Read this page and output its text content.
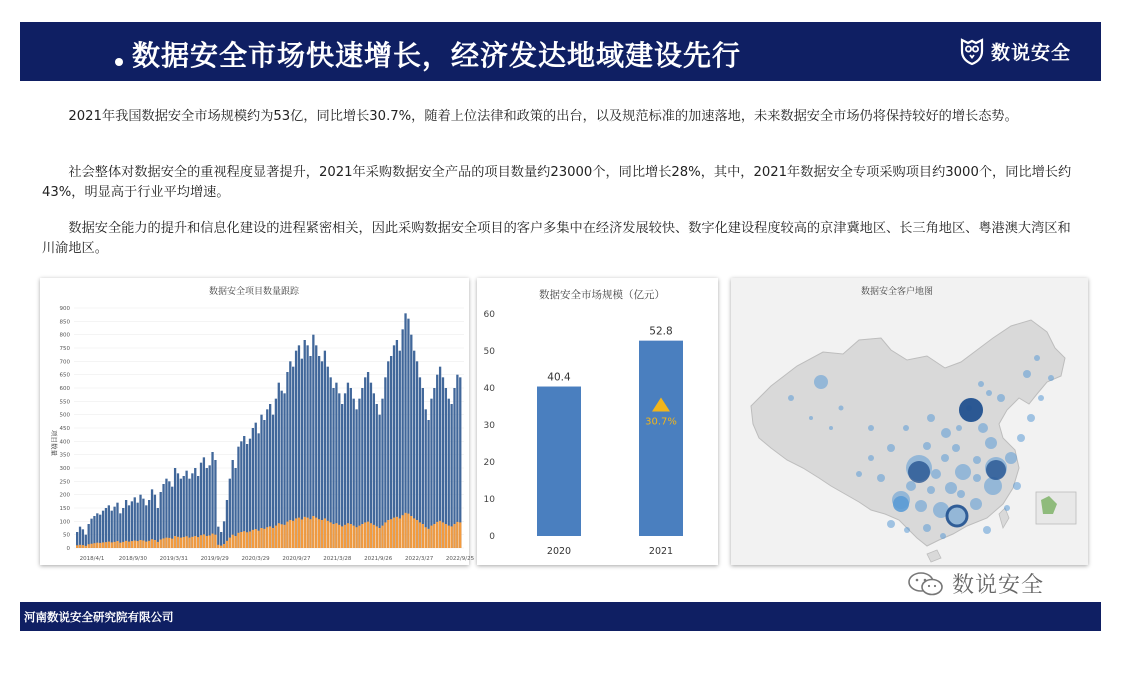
数据安全市场快速增长，经济发达地域建设先行	数说安全
2021年我国数据安全市场规模约为53亿，同比增长30.7%，随着上位法律和政策的出台，以及规范标准的加速落地，未来数据安全市场仍将保持较好的增长态势。
社会整体对数据安全的重视程度显著提升，2021年采购数据安全产品的项目数量约23000个，同比增长28%，其中，2021年数据安全专项采购项目约3000个，同比增长约43%，明显高于行业平均增速。
数据安全能力的提升和信息化建设的进程紧密相关，因此采购数据安全项目的客户多集中在经济发展较快、数字化建设程度较高的京津冀地区、长三角地区、粤港澳大湾区和川渝地区。
数据安全项目数量跟踪
项目数量
0
50
100
150
200
250
300
350
400
450
500
550
600
650
700
750
800
850
900
2018/4/1	2018/9/30 2019/3/31 2019/9/29 2020/3/29 2020/9/27 2021/3/28 2021/9/26 2022/3/27 2022/9/25
数据安全市场规模（亿元）
0
10
20
30
40
50
60
40.4
52.8
2020	2021
30.7%
数据安全客户地图
数说安全
河南数说安全研究院有限公司
